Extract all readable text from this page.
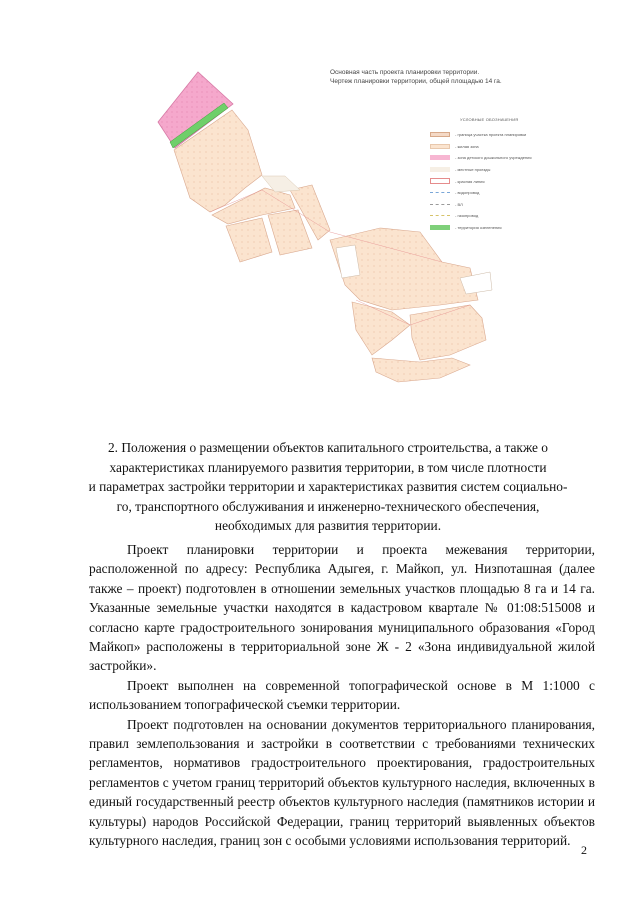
Основная часть проекта планировки территории.
Чертеж планировки территории, общей площадью 14 га.
УСЛОВНЫЕ ОБОЗНАЧЕНИЯ
- граница участка проекта планировки
- жилая зона
- зона детского дошкольного учреждения
- местные проезды
- красная линия
- водопровод
- ВЛ
- газопровод
- территория озеленения
2. Положения о размещении объектов капитального строительства, а также о
характеристиках планируемого развития территории, в том числе плотности
и параметрах застройки территории и характеристиках развития систем социально-
го, транспортного обслуживания и инженерно-технического обеспечения,
необходимых для развития территории.

Проект планировки территории и проекта межевания территории, расположенной по адресу: Республика Адыгея, г. Майкоп, ул. Низпоташная (далее также – проект) подготовлен в отношении земельных участков площадью 8 га и 14 га. Указанные земельные участки находятся в кадастровом квартале № 01:08:515008 и согласно карте градостроительного зонирования муниципального образования «Город Майкоп» расположены в территориальной зоне Ж - 2 «Зона индивидуальной жилой застройки».

Проект выполнен на современной топографической основе в М 1:1000 с использованием топографической съемки территории.

Проект подготовлен на основании документов территориального планирования, правил землепользования и застройки в соответствии с требованиями технических регламентов, нормативов градостроительного проектирования, градостроительных регламентов с учетом границ территорий объектов культурного наследия, включенных в единый государственный реестр объектов культурного наследия (памятников истории и культуры) народов Российской Федерации, границ территорий выявленных объектов культурного наследия, границ зон с особыми условиями использования территорий.

2
